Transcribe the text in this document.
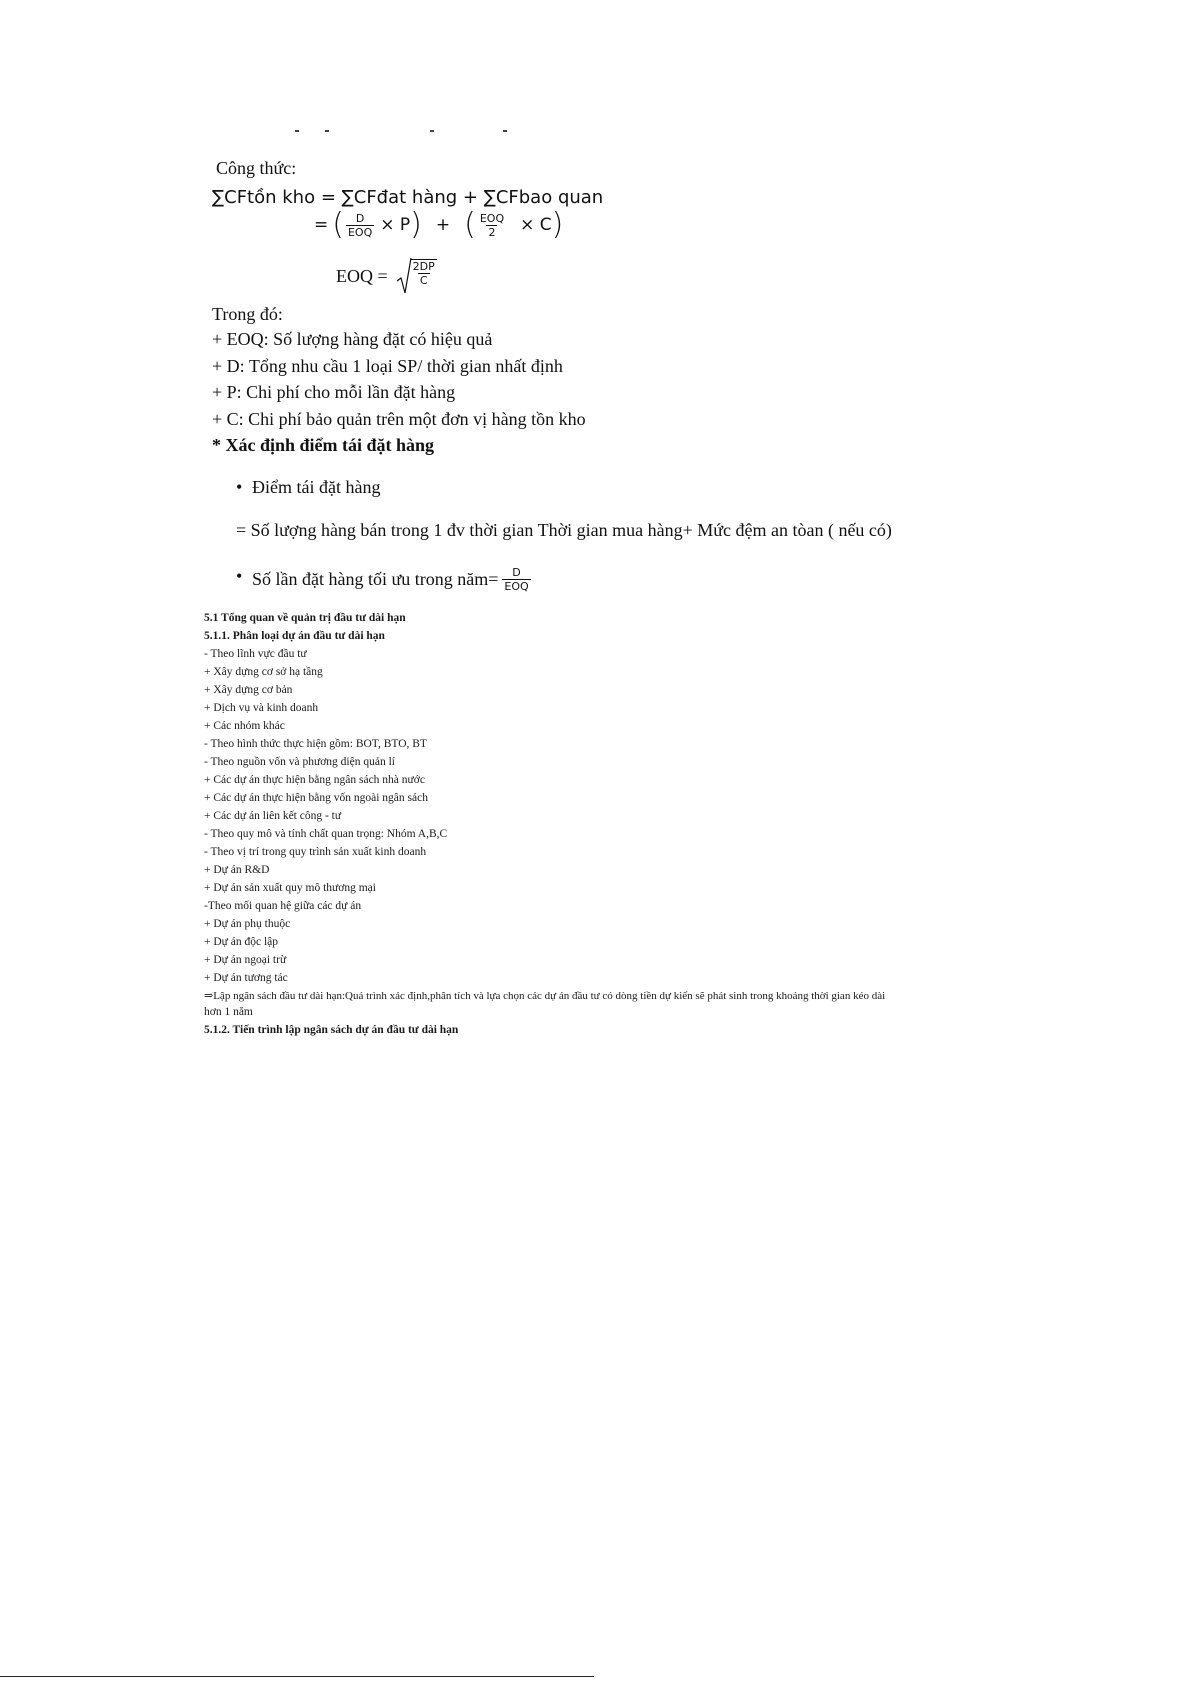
Công thức:
∑CFtồn kho = ∑CFđat hàng + ∑CFbao quan
= ( $\frac{D}{\text{EOQ}} \times P$ ) + ( $\frac{\text{EOQ}}{2} \times C$ )
EOQ = $\frac{2DP}{C}$
Trong đó:
+ EOQ: Số lượng hàng đặt có hiệu quả
+ D: Tổng nhu cầu 1 loại SP/ thời gian nhất định
+ P: Chi phí cho mỗi lần đặt hàng
+ C: Chi phí bảo quản trên một đơn vị hàng tồn kho
* Xác định điểm tái đặt hàng
• Điểm tái đặt hàng
= Số lượng hàng bán trong 1 đv thời gian Thời gian mua hàng+ Mức đệm an tòan ( nếu có)
• Số lần đặt hàng tối ưu trong năm= $\frac{D}{\text{EOQ}}$
5.1 Tổng quan về quản trị đầu tư dài hạn
5.1.1. Phân loại dự án đầu tư dài hạn
- Theo lĩnh vực đầu tư
+ Xây dựng cơ sở hạ tầng
+ Xây dựng cơ bản
+ Dịch vụ và kinh doanh
+ Các nhóm khác
- Theo hình thức thực hiện gồm: BOT, BTO, BT
- Theo nguồn vốn và phương diện quản lí
+ Các dự án thực hiện bằng ngân sách nhà nước
+ Các dự án thực hiện bằng vốn ngoài ngân sách
+ Các dự án liên kết công - tư
- Theo quy mô và tính chất quan trọng: Nhóm A,B,C
- Theo vị trí trong quy trình sản xuất kinh doanh
+ Dự án R&D
+ Dự án sản xuất quy mô thương mại
-Theo mối quan hệ giữa các dự án
+ Dự án phụ thuộc
+ Dự án độc lập
+ Dự án ngoại trừ
+ Dự án tương tác
⇒Lập ngân sách đầu tư dài hạn:Quá trình xác định,phân tích và lựa chọn các dự án đầu tư có dòng tiền dự kiến sẽ phát sinh trong khoảng thời gian kéo dài
hơn 1 năm
5.1.2. Tiến trình lập ngân sách dự án đầu tư dài hạn
